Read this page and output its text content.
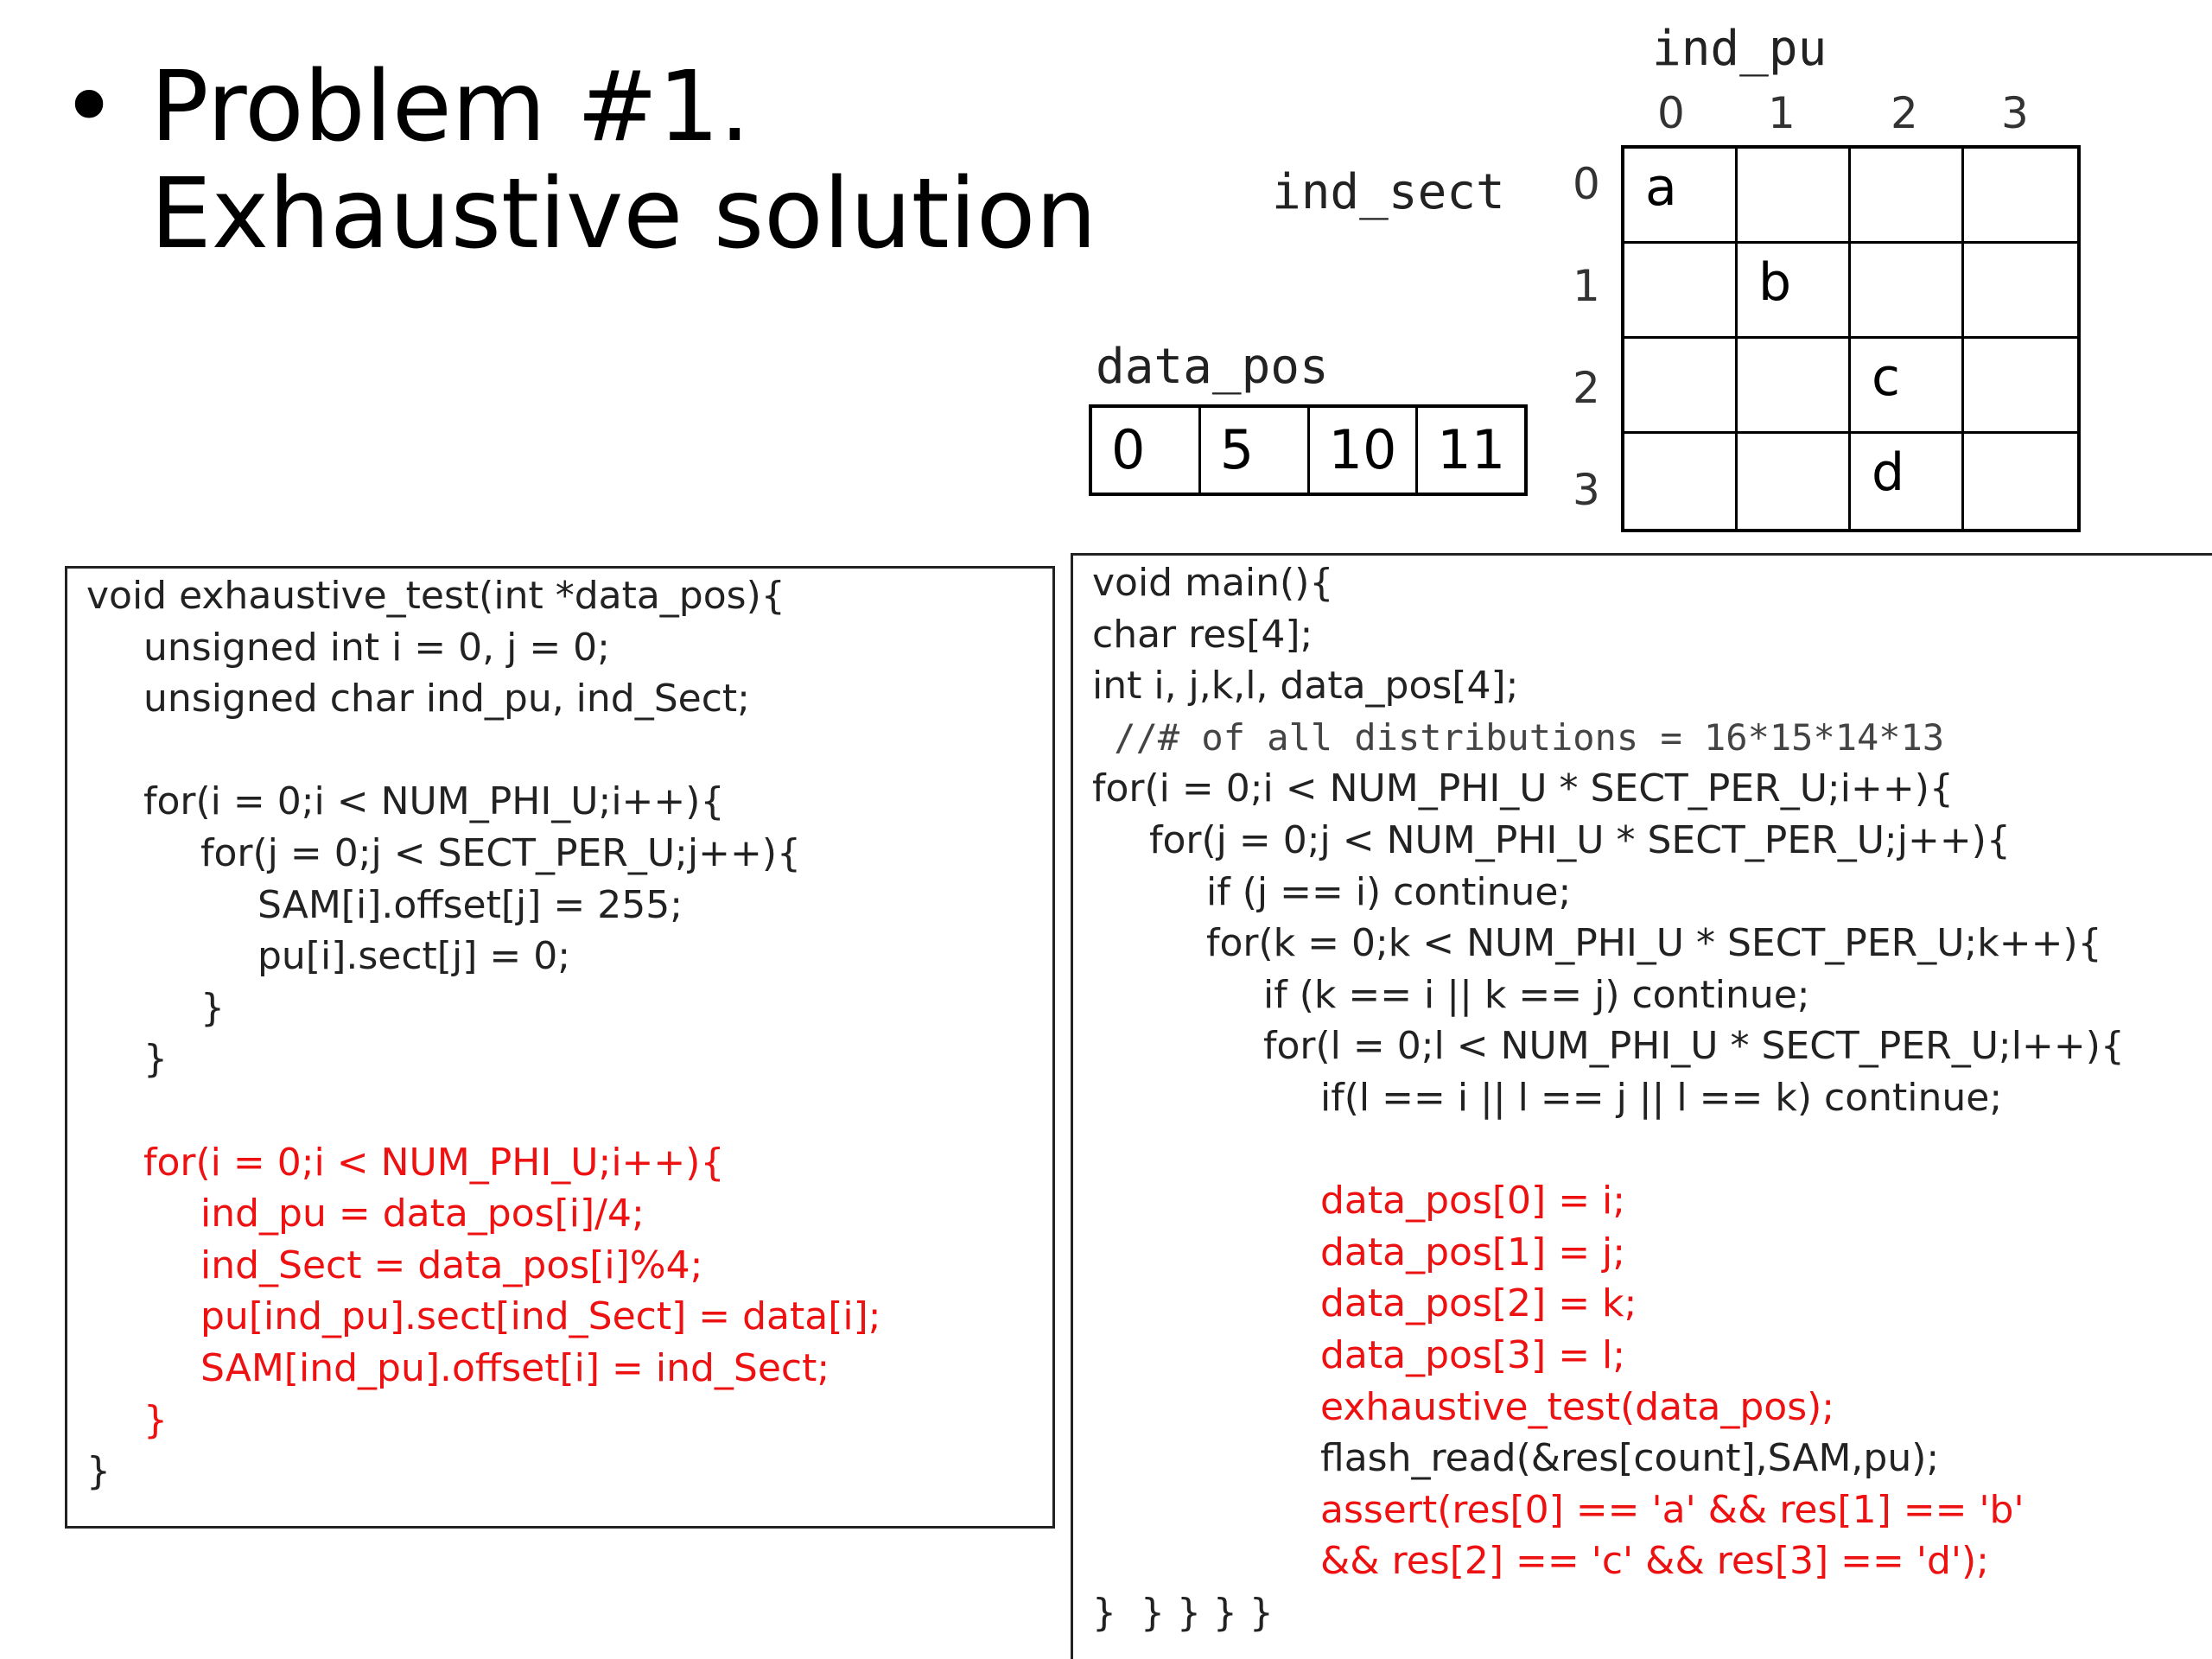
• Problem #1.
Exhaustive solution
ind_pu
ind_sect
data_pos
0 1 2 3
0
1
2
3
a
b
c
d
0	5	10 11
void exhaustive_test(int *data_pos){
unsigned int i = 0, j = 0;
unsigned char ind_pu, ind_Sect;
for(i = 0;i < NUM_PHI_U;i++){
for(j = 0;j < SECT_PER_U;j++){
SAM[i].offset[j] = 255;
pu[i].sect[j] = 0;
}
}
for(i = 0;i < NUM_PHI_U;i++){
ind_pu = data_pos[i]/4;
ind_Sect = data_pos[i]%4;
pu[ind_pu].sect[ind_Sect] = data[i];
SAM[ind_pu].offset[i] = ind_Sect;
}
}
void main(){
char res[4];
int i, j,k,l, data_pos[4];
//# of all distributions = 16*15*14*13
for(i = 0;i < NUM_PHI_U * SECT_PER_U;i++){
for(j = 0;j < NUM_PHI_U * SECT_PER_U;j++){
if (j == i) continue;
for(k = 0;k < NUM_PHI_U * SECT_PER_U;k++){
if (k == i || k == j) continue;
for(l = 0;l < NUM_PHI_U * SECT_PER_U;l++){
if(l == i || l == j || l == k) continue;
data_pos[0] = i;
data_pos[1] = j;
data_pos[2] = k;
data_pos[3] = l;
exhaustive_test(data_pos);
flash_read(&res[count],SAM,pu);
assert(res[0] == 'a' && res[1] == 'b'
&& res[2] == 'c' && res[3] == 'd');
}  } } } }
